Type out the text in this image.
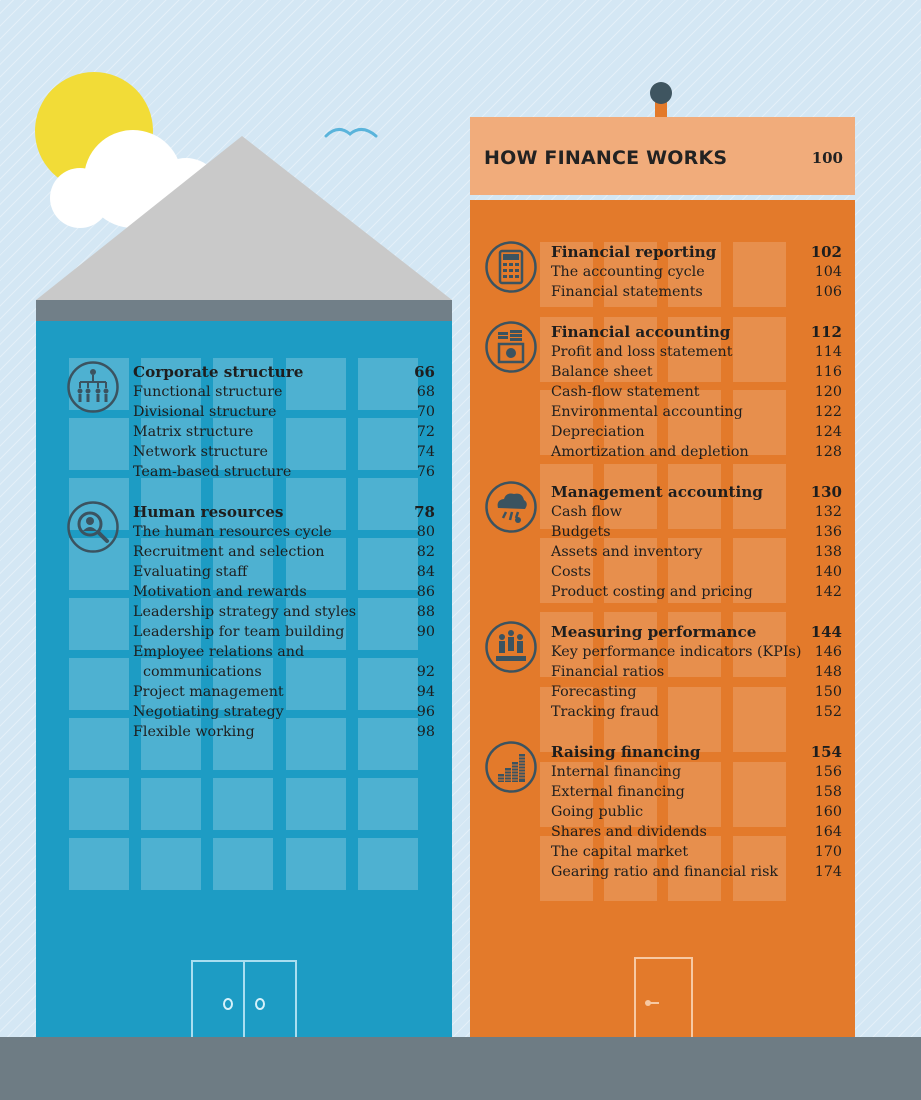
HOW FINANCE WORKS	100
Corporate structure	66
Functional structure	68
Divisional structure	70
Matrix structure	72
Network structure	74
Team-based structure	76
Human resources	78
The human resources cycle	80
Recruitment and selection	82
Evaluating staff	84
Motivation and rewards	86
Leadership strategy and styles	88
Leadership for team building	90
Employee relations and
communications	92
Project management	94
Negotiating strategy	96
Flexible working	98
Financial reporting	102
The accounting cycle	104
Financial statements	106
Financial accounting	112
Profit and loss statement	114
Balance sheet	116
Cash-flow statement	120
Environmental accounting	122
Depreciation	124
Amortization and depletion	128
Management accounting	130
Cash flow	132
Budgets	136
Assets and inventory	138
Costs	140
Product costing and pricing	142
Measuring performance	144
Key performance indicators (KPIs) 146
Financial ratios	148
Forecasting	150
Tracking fraud	152
Raising financing	154
Internal financing	156
External financing	158
Going public	160
Shares and dividends	164
The capital market	170
Gearing ratio and financial risk	174
